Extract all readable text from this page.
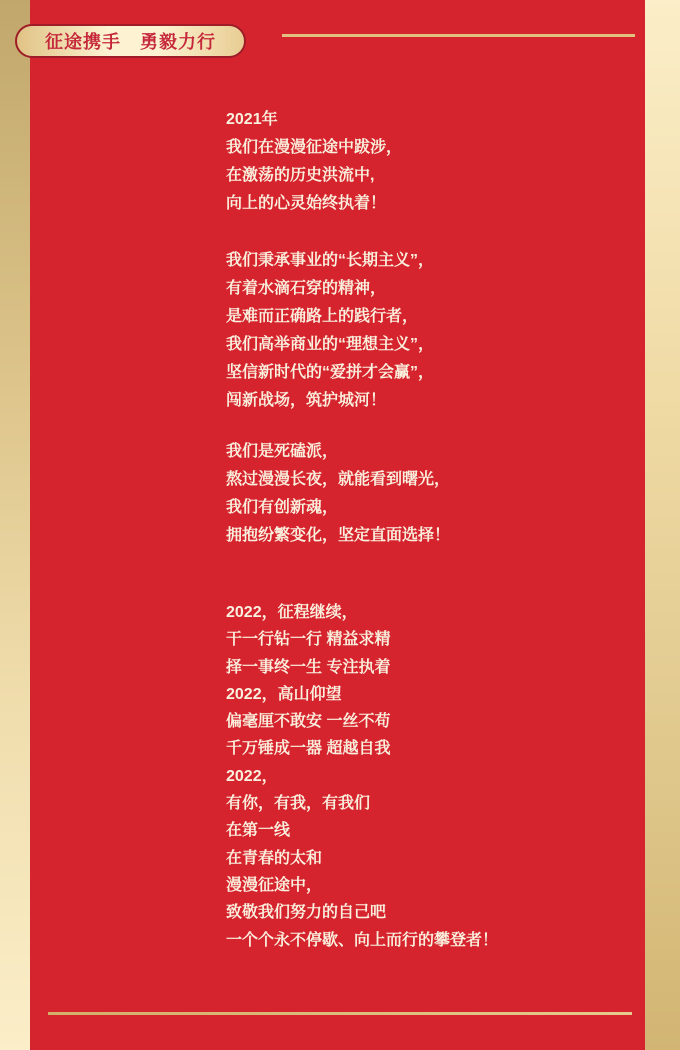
征途携手　勇毅力行
2021年
我们在漫漫征途中跋涉，
在激荡的历史洪流中,
向上的心灵始终执着！
我们秉承事业的“长期主义”，
有着水滴石穿的精神，
是难而正确路上的践行者，
我们高举商业的“理想主义”，
坚信新时代的“爱拼才会赢”，
闯新战场，筑护城河！
我们是死磕派，
熬过漫漫长夜，就能看到曙光，
我们有创新魂，
拥抱纷繁变化，坚定直面选择！
2022，征程继续，
干一行钻一行 精益求精
择一事终一生 专注执着
2022，高山仰望
偏毫厘不敢安 一丝不苟
千万锤成一器 超越自我
2022，
有你，有我，有我们
在第一线
在青春的太和
漫漫征途中，
致敬我们努力的自己吧
一个个永不停歇、向上而行的攀登者！
